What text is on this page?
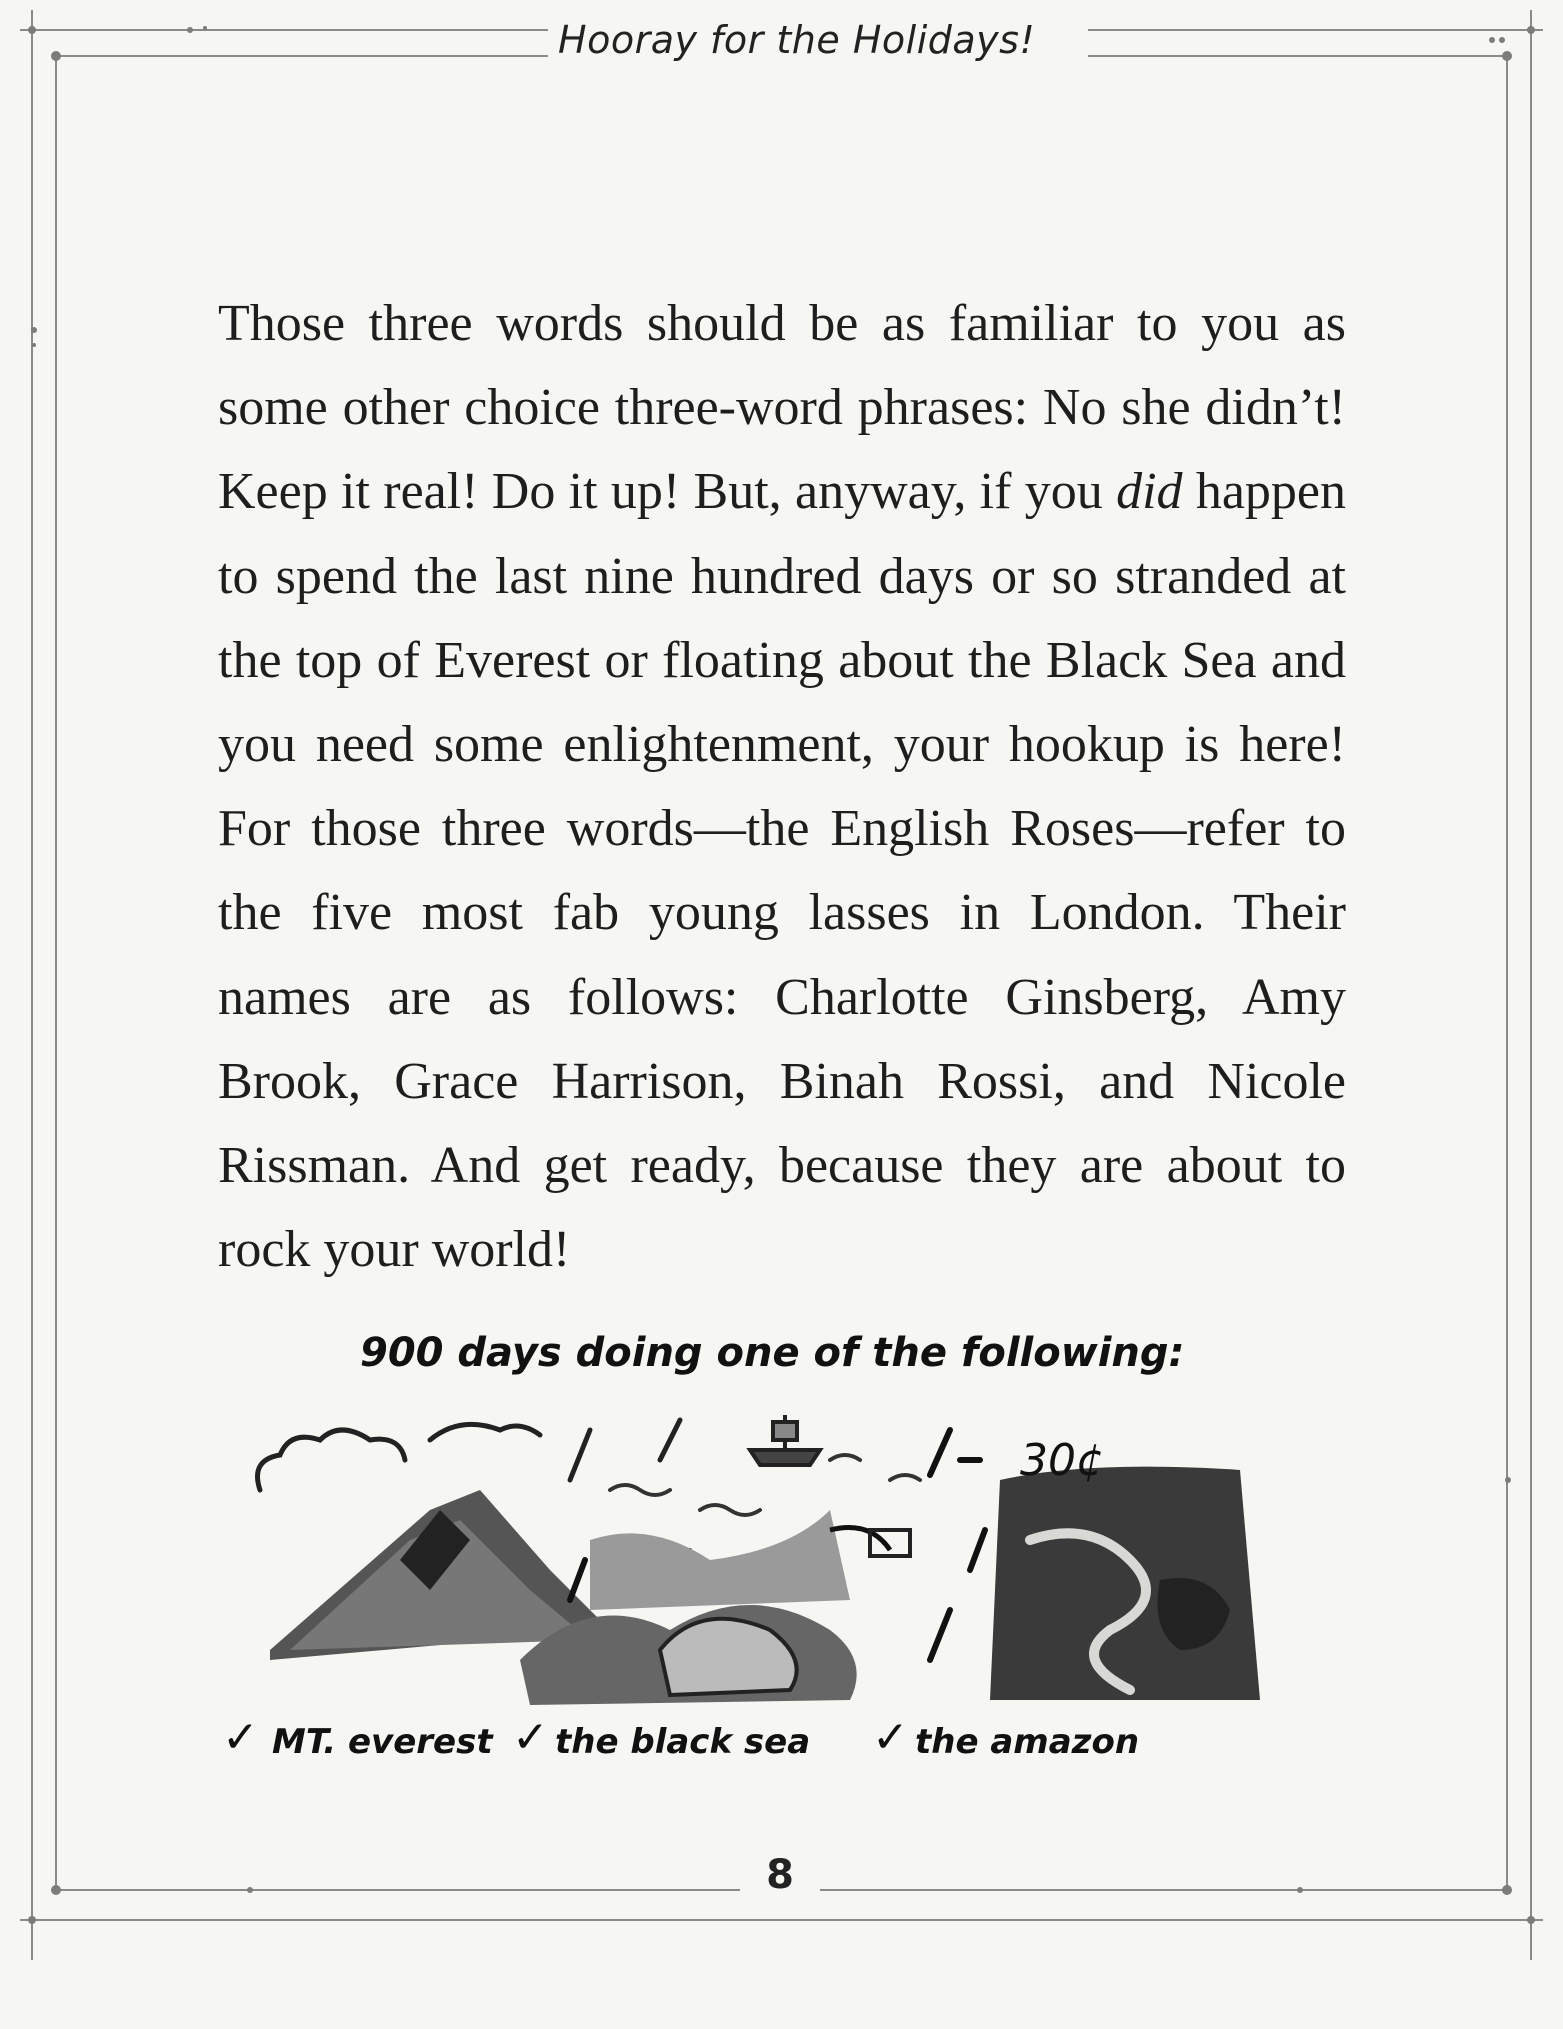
Hooray for the Holidays!

Those three words should be as familiar to you as some other choice three-word phrases: No she didn’t! Keep it real! Do it up! But, anyway, if you did happen to spend the last nine hundred days or so stranded at the top of Everest or floating about the Black Sea and you need some enlightenment, your hookup is here! For those three words—the English Roses—refer to the five most fab young lasses in London. Their names are as follows: Charlotte Ginsberg, Amy Brook, Grace Harrison, Binah Rossi, and Nicole Rissman. And get ready, because they are about to rock your world!

900 days doing one of the following:
30¢
✓ MT. everest ✓ the black sea ✓ the amazon
8
